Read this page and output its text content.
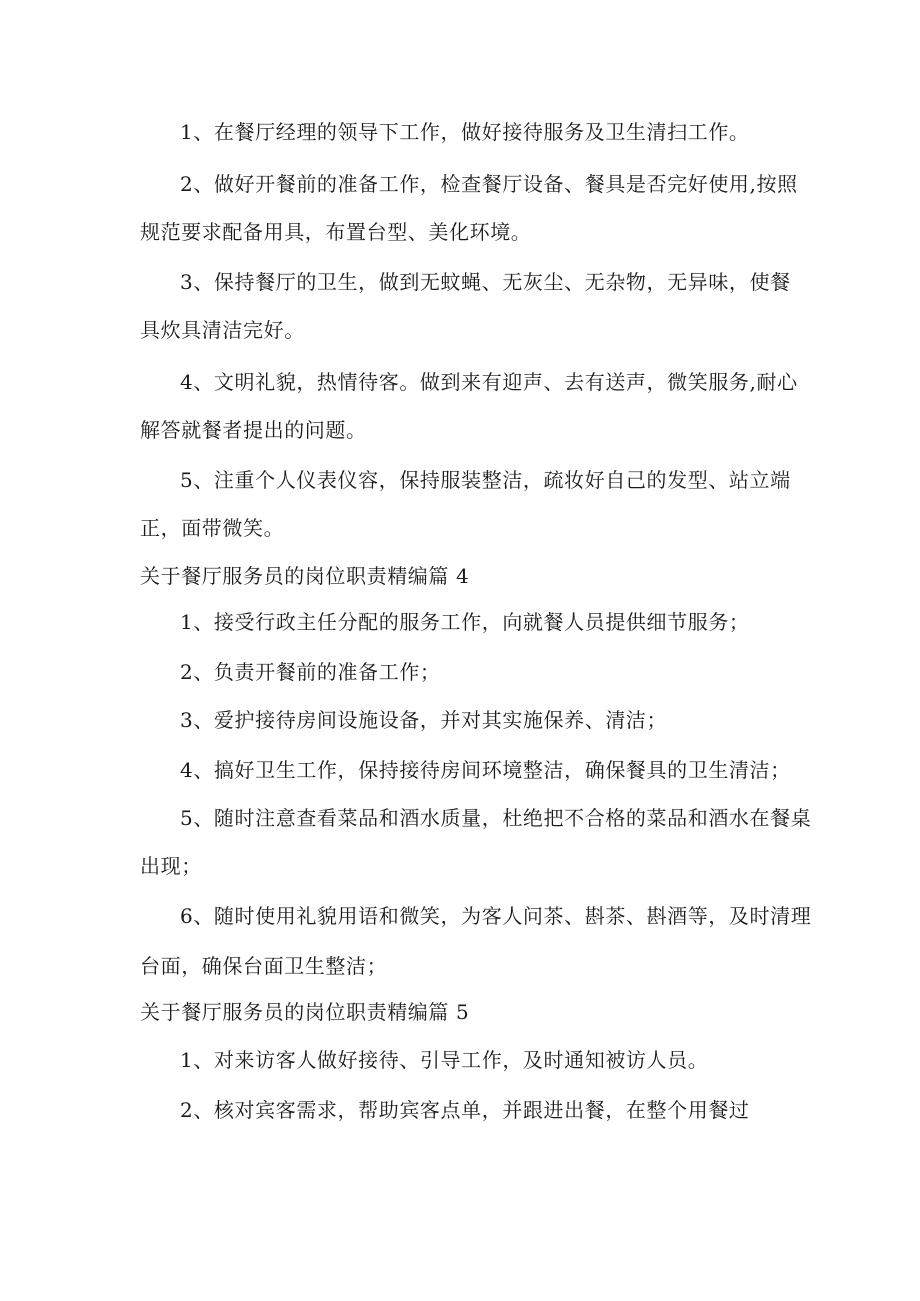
1、在餐厅经理的领导下工作，做好接待服务及卫生清扫工作。
2、做好开餐前的准备工作，检查餐厅设备、餐具是否完好使用,按照
规范要求配备用具，布置台型、美化环境。
3、保持餐厅的卫生，做到无蚊蝇、无灰尘、无杂物，无异味，使餐
具炊具清洁完好。
4、文明礼貌，热情待客。做到来有迎声、去有送声，微笑服务,耐心
解答就餐者提出的问题。
5、注重个人仪表仪容，保持服装整洁，疏妆好自己的发型、站立端
正，面带微笑。
关于餐厅服务员的岗位职责精编篇 4
1、接受行政主任分配的服务工作，向就餐人员提供细节服务；
2、负责开餐前的准备工作；
3、爱护接待房间设施设备，并对其实施保养、清洁；
4、搞好卫生工作，保持接待房间环境整洁，确保餐具的卫生清洁；
5、随时注意查看菜品和酒水质量，杜绝把不合格的菜品和酒水在餐桌
出现；
6、随时使用礼貌用语和微笑，为客人问茶、斟茶、斟酒等，及时清理
台面，确保台面卫生整洁；
关于餐厅服务员的岗位职责精编篇 5
1、对来访客人做好接待、引导工作，及时通知被访人员。
2、核对宾客需求，帮助宾客点单，并跟进出餐，在整个用餐过
